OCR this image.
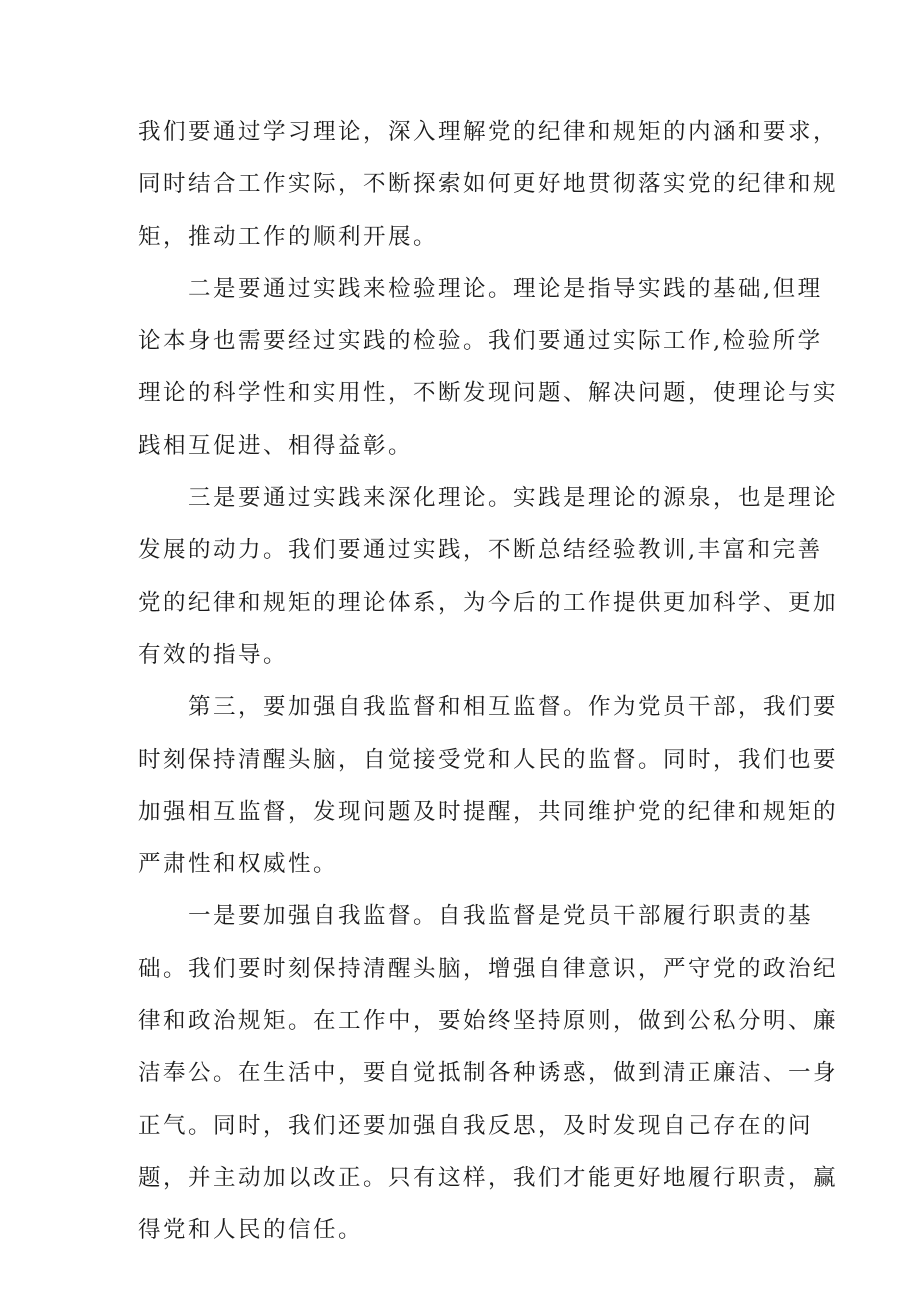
我们要通过学习理论，深入理解党的纪律和规矩的内涵和要求，
同时结合工作实际，不断探索如何更好地贯彻落实党的纪律和规
矩，推动工作的顺利开展。
　　二是要通过实践来检验理论。理论是指导实践的基础,但理
论本身也需要经过实践的检验。我们要通过实际工作,检验所学
理论的科学性和实用性，不断发现问题、解决问题，使理论与实
践相互促进、相得益彰。
　　三是要通过实践来深化理论。实践是理论的源泉，也是理论
发展的动力。我们要通过实践，不断总结经验教训,丰富和完善
党的纪律和规矩的理论体系，为今后的工作提供更加科学、更加
有效的指导。
　　第三，要加强自我监督和相互监督。作为党员干部，我们要
时刻保持清醒头脑，自觉接受党和人民的监督。同时，我们也要
加强相互监督，发现问题及时提醒，共同维护党的纪律和规矩的
严肃性和权威性。
　　一是要加强自我监督。自我监督是党员干部履行职责的基
础。我们要时刻保持清醒头脑，增强自律意识，严守党的政治纪
律和政治规矩。在工作中，要始终坚持原则，做到公私分明、廉
洁奉公。在生活中，要自觉抵制各种诱惑，做到清正廉洁、一身
正气。同时，我们还要加强自我反思，及时发现自己存在的问
题，并主动加以改正。只有这样，我们才能更好地履行职责，赢
得党和人民的信任。
